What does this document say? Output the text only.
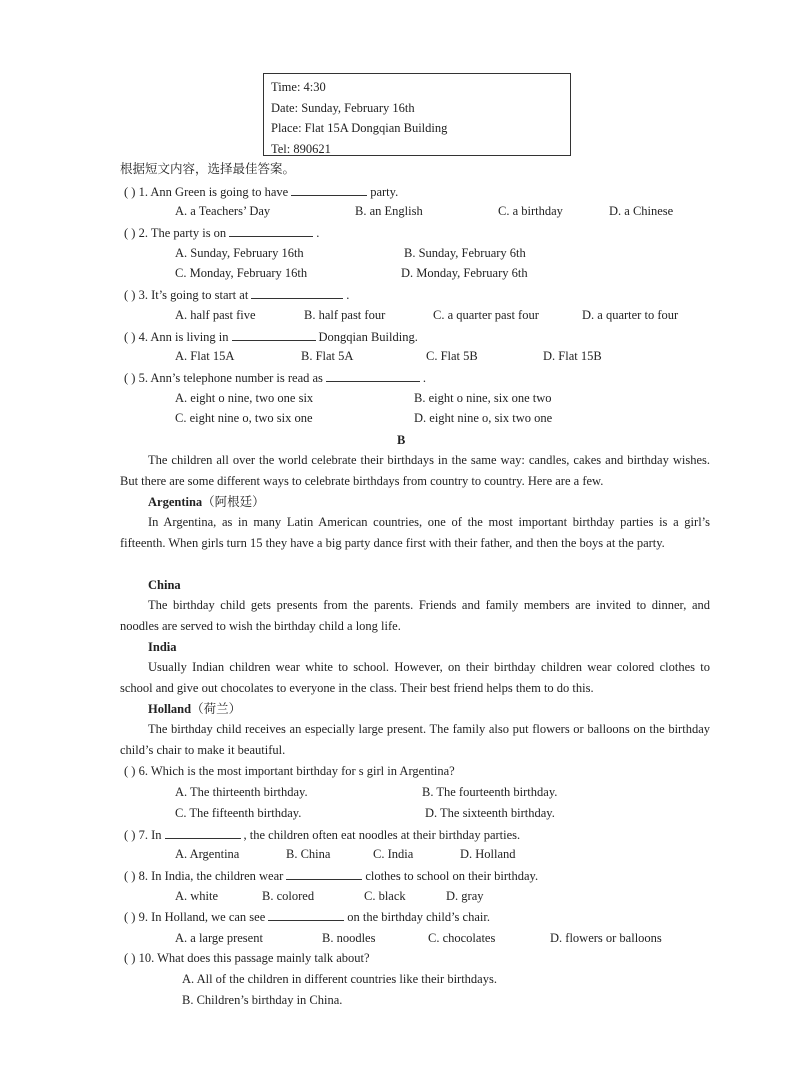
Time: 4:30
Date: Sunday, February 16th
Place: Flat 15A Dongqian Building
Tel: 890621
根据短文内容，选择最佳答案。
( ) 1. Ann Green is going to have	party.
A. a Teachers’ Day	B. an English	C. a birthday	D. a Chinese
( ) 2. The party is on	.
A. Sunday, February 16th	B. Sunday, February 6th
C. Monday, February 16th	D. Monday, February 6th
( ) 3. It’s going to start at	.
A. half past five	B. half past four	C. a quarter past four	D. a quarter to four
( ) 4. Ann is living in	Dongqian Building.
A. Flat 15A	B. Flat 5A	C. Flat 5B	D. Flat 15B
( ) 5. Ann’s telephone number is read as	.
A. eight o nine, two one six	B. eight o nine, six one two
C. eight nine o, two six one	D. eight nine o, six two one
B
The children all over the world celebrate their birthdays in the same way: candles, cakes and birthday wishes. But there are some different ways to celebrate birthdays from country to country. Here are a few.
Argentina（阿根廷）
In Argentina, as in many Latin American countries, one of the most important birthday parties is a girl’s fifteenth. When girls turn 15 they have a big party dance first with their father, and then the boys at the party.
China
The birthday child gets presents from the parents. Friends and family members are invited to dinner, and noodles are served to wish the birthday child a long life.
India
Usually Indian children wear white to school. However, on their birthday children wear colored clothes to school and give out chocolates to everyone in the class. Their best friend helps them to do this.
Holland（荷兰）
The birthday child receives an especially large present. The family also put flowers or balloons on the birthday child’s chair to make it beautiful.
( ) 6. Which is the most important birthday for s girl in Argentina?
A. The thirteenth birthday.	B. The fourteenth birthday.
C. The fifteenth birthday.	D. The sixteenth birthday.
( ) 7. In	, the children often eat noodles at their birthday parties.
A. Argentina	B. China	C. India	D. Holland
( ) 8. In India, the children wear	clothes to school on their birthday.
A. white	B. colored	C. black	D. gray
( ) 9. In Holland, we can see	on the birthday child’s chair.
A. a large present	B. noodles	C. chocolates	D. flowers or balloons
( ) 10. What does this passage mainly talk about?
A. All of the children in different countries like their birthdays.
B. Children’s birthday in China.
